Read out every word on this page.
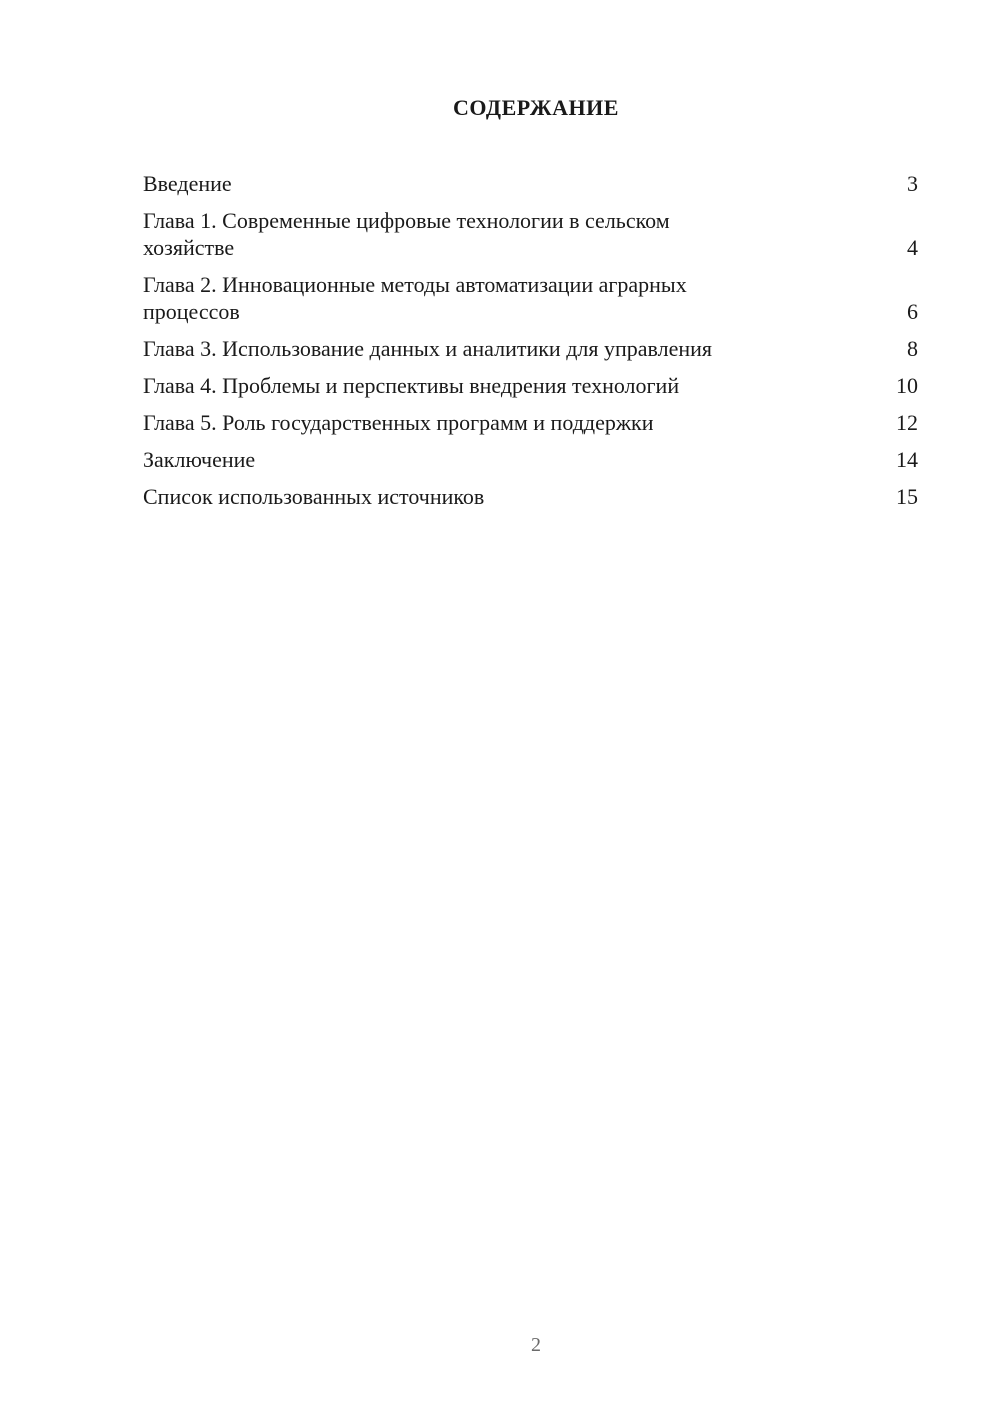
СОДЕРЖАНИЕ
Введение	3
Глава 1. Современные цифровые технологии в сельском
хозяйстве	4
Глава 2. Инновационные методы автоматизации аграрных
процессов	6
Глава 3. Использование данных и аналитики для управления	8
Глава 4. Проблемы и перспективы внедрения технологий	10
Глава 5. Роль государственных программ и поддержки	12
Заключение	14
Список использованных источников	15
2
